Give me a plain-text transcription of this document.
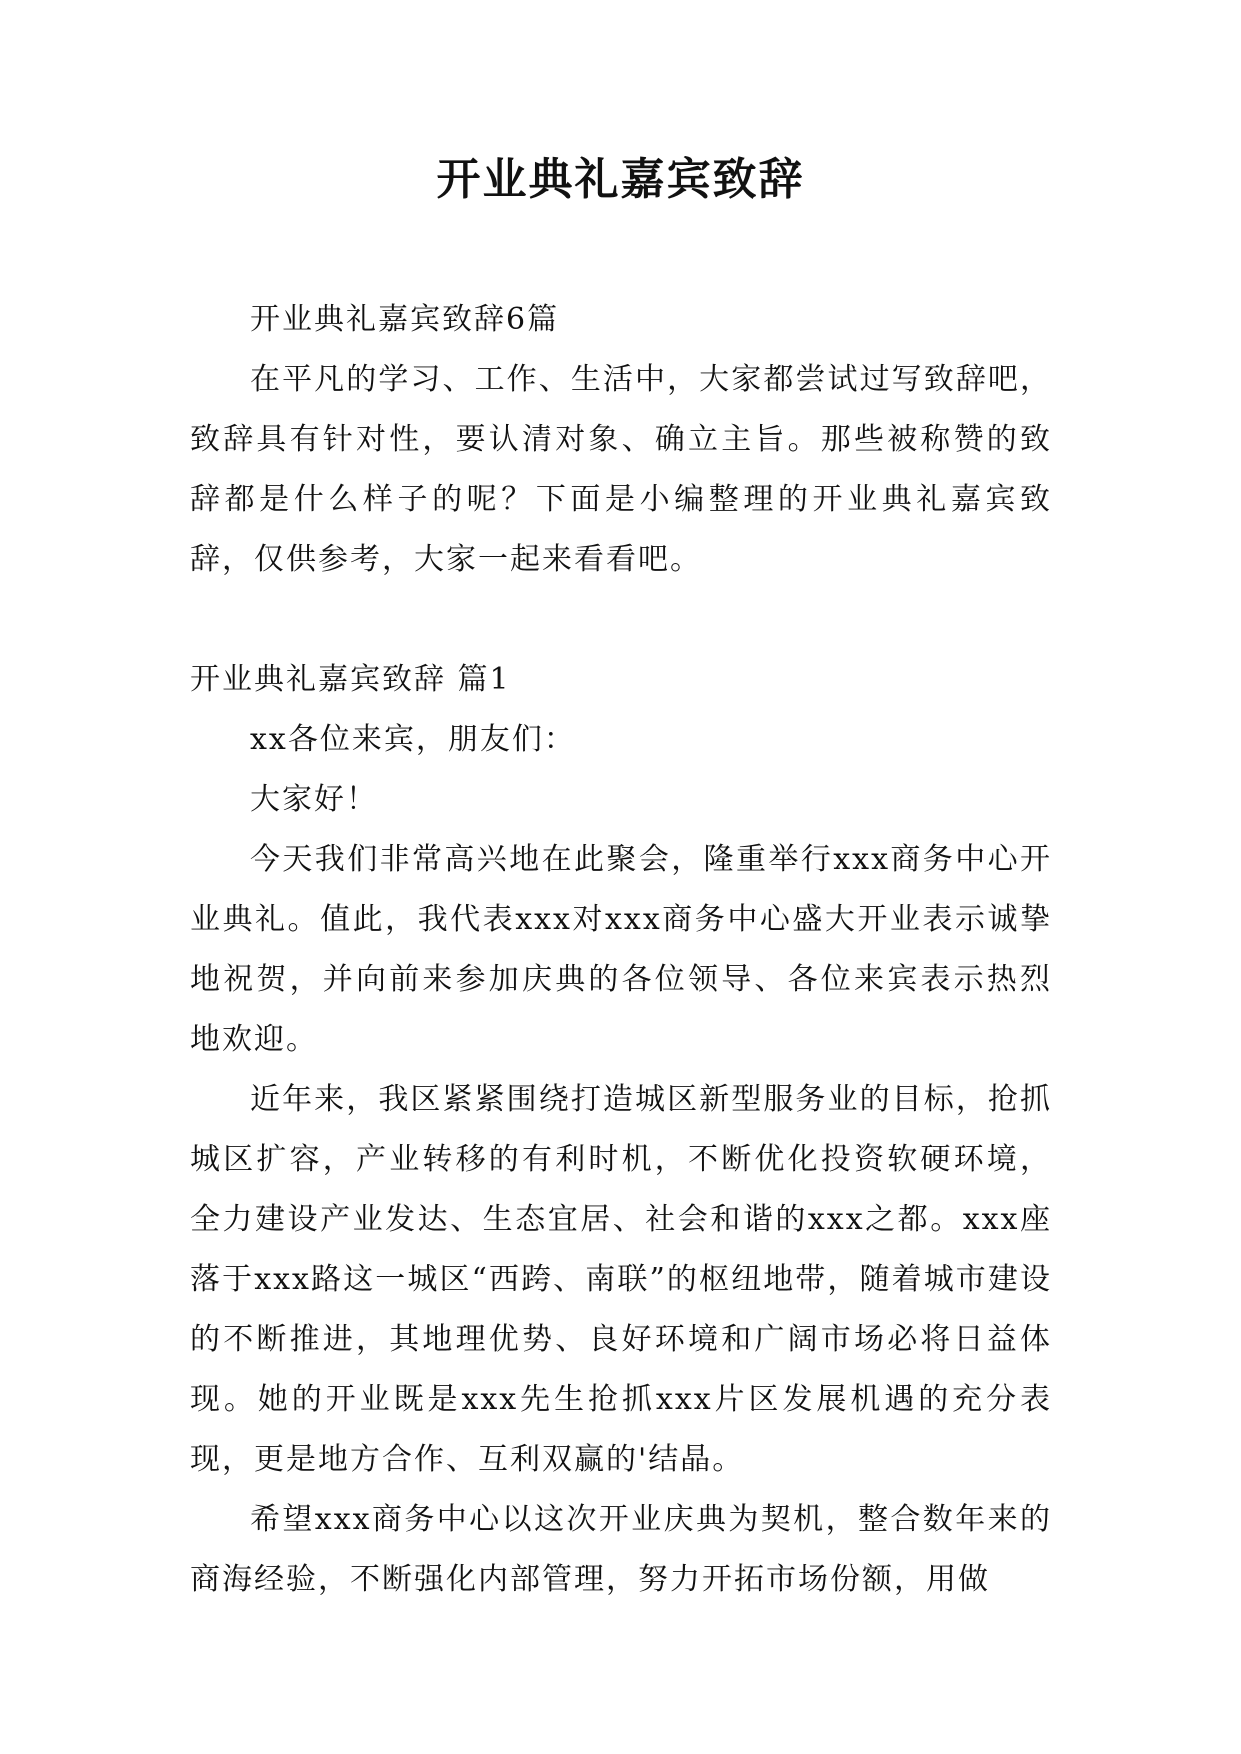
开业典礼嘉宾致辞

开业典礼嘉宾致辞6篇

在平凡的学习、工作、生活中，大家都尝试过写致辞吧，致辞具有针对性，要认清对象、确立主旨。那些被称赞的致辞都是什么样子的呢？下面是小编整理的开业典礼嘉宾致辞，仅供参考，大家一起来看看吧。

开业典礼嘉宾致辞 篇1

xx各位来宾，朋友们：

大家好！

今天我们非常高兴地在此聚会，隆重举行xxx商务中心开业典礼。值此，我代表xxx对xxx商务中心盛大开业表示诚挚地祝贺，并向前来参加庆典的各位领导、各位来宾表示热烈地欢迎。

近年来，我区紧紧围绕打造城区新型服务业的目标，抢抓城区扩容，产业转移的有利时机，不断优化投资软硬环境，全力建设产业发达、生态宜居、社会和谐的xxx之都。xxx座落于xxx路这一城区“西跨、南联”的枢纽地带，随着城市建设的不断推进，其地理优势、良好环境和广阔市场必将日益体现。她的开业既是xxx先生抢抓xxx片区发展机遇的充分表现，更是地方合作、互利双赢的'结晶。

希望xxx商务中心以这次开业庆典为契机，整合数年来的商海经验，不断强化内部管理，努力开拓市场份额，用做
